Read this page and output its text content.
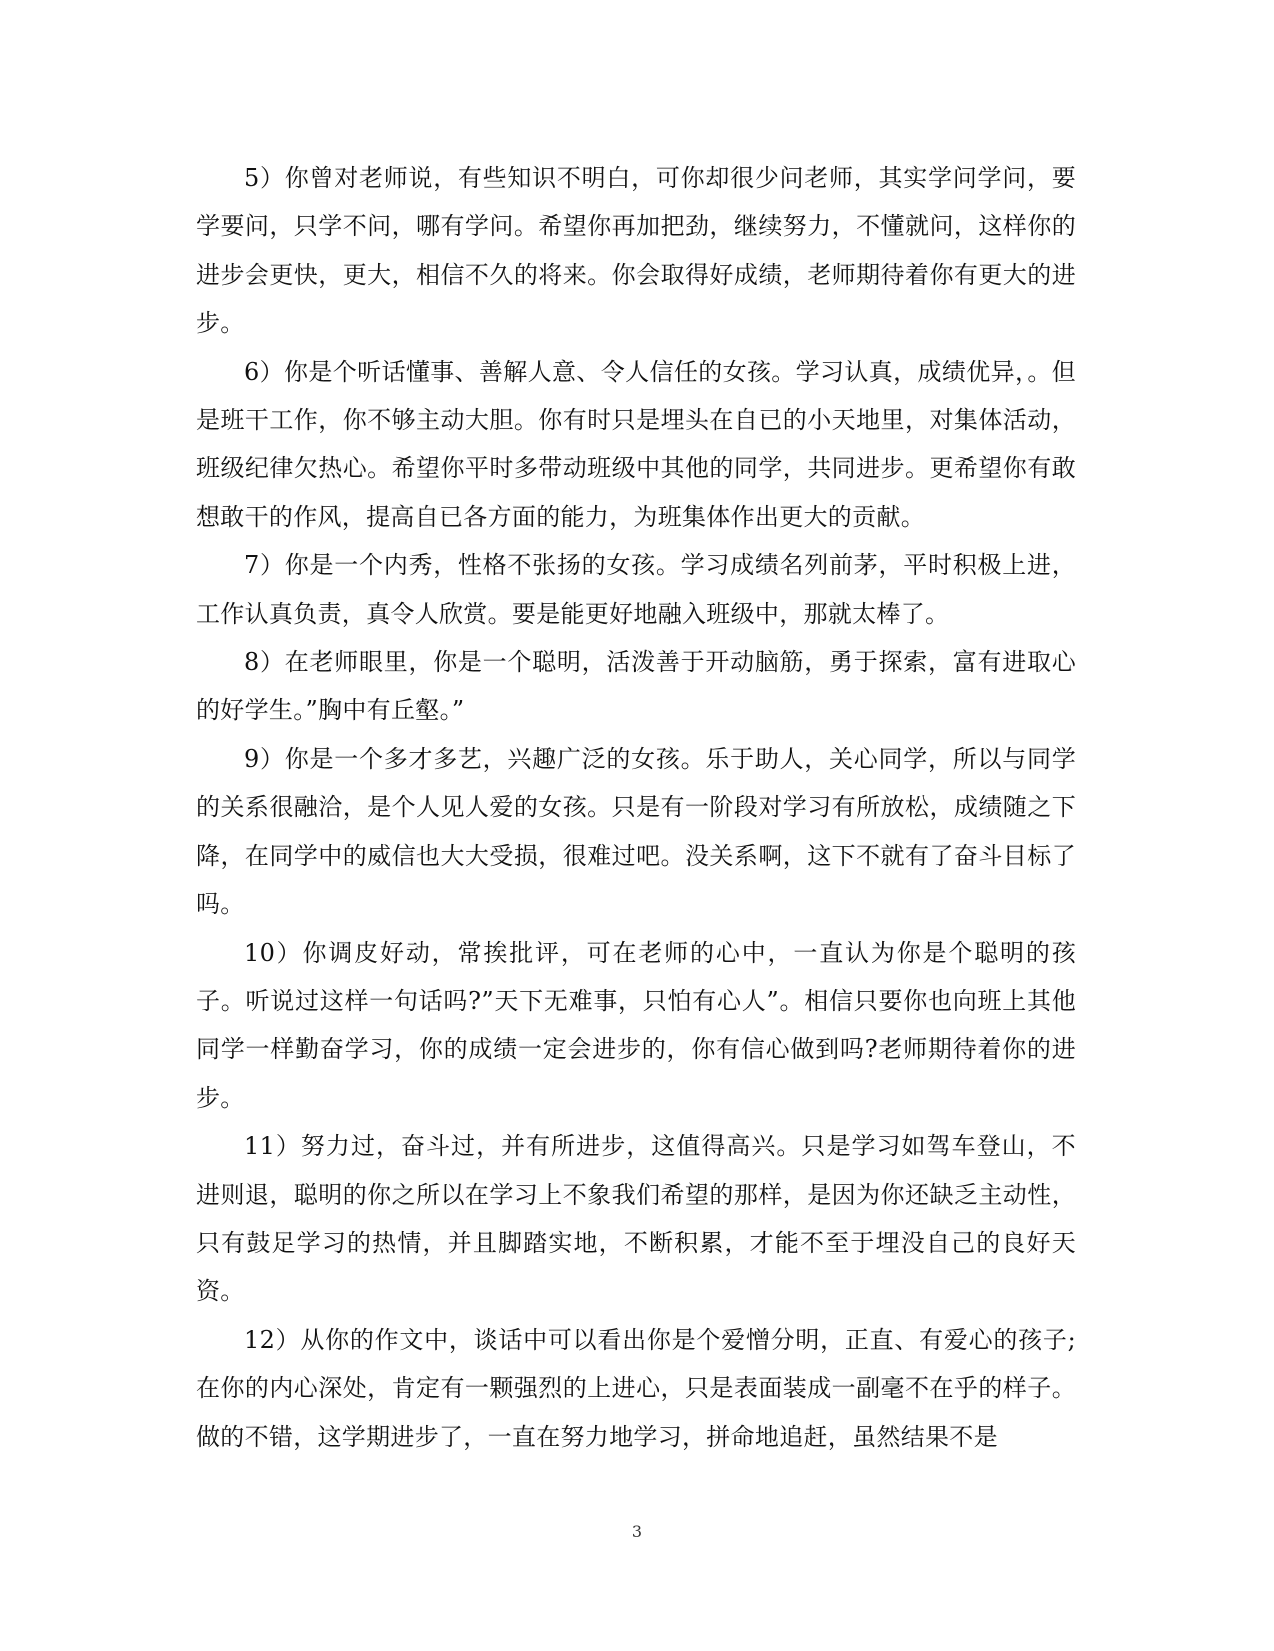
5）你曾对老师说，有些知识不明白，可你却很少问老师，其实学问学问，要学要问，只学不问，哪有学问。希望你再加把劲，继续努力，不懂就问，这样你的进步会更快，更大，相信不久的将来。你会取得好成绩，老师期待着你有更大的进步。

6）你是个听话懂事、善解人意、令人信任的女孩。学习认真，成绩优异，。但是班干工作，你不够主动大胆。你有时只是埋头在自已的小天地里，对集体活动，班级纪律欠热心。希望你平时多带动班级中其他的同学，共同进步。更希望你有敢想敢干的作风，提高自已各方面的能力，为班集体作出更大的贡献。

7）你是一个内秀，性格不张扬的女孩。学习成绩名列前茅，平时积极上进，工作认真负责，真令人欣赏。要是能更好地融入班级中，那就太棒了。

8）在老师眼里，你是一个聪明，活泼善于开动脑筋，勇于探索，富有进取心的好学生。”胸中有丘壑。”

9）你是一个多才多艺，兴趣广泛的女孩。乐于助人，关心同学，所以与同学的关系很融洽，是个人见人爱的女孩。只是有一阶段对学习有所放松，成绩随之下降，在同学中的威信也大大受损，很难过吧。没关系啊，这下不就有了奋斗目标了吗。

10）你调皮好动，常挨批评，可在老师的心中，一直认为你是个聪明的孩子。听说过这样一句话吗?”天下无难事，只怕有心人”。相信只要你也向班上其他同学一样勤奋学习，你的成绩一定会进步的，你有信心做到吗?老师期待着你的进步。

11）努力过，奋斗过，并有所进步，这值得高兴。只是学习如驾车登山，不进则退，聪明的你之所以在学习上不象我们希望的那样，是因为你还缺乏主动性，只有鼓足学习的热情，并且脚踏实地，不断积累，才能不至于埋没自己的良好天资。

12）从你的作文中，谈话中可以看出你是个爱憎分明，正直、有爱心的孩子;在你的内心深处，肯定有一颗强烈的上进心，只是表面装成一副毫不在乎的样子。做的不错，这学期进步了，一直在努力地学习，拼命地追赶，虽然结果不是

3
